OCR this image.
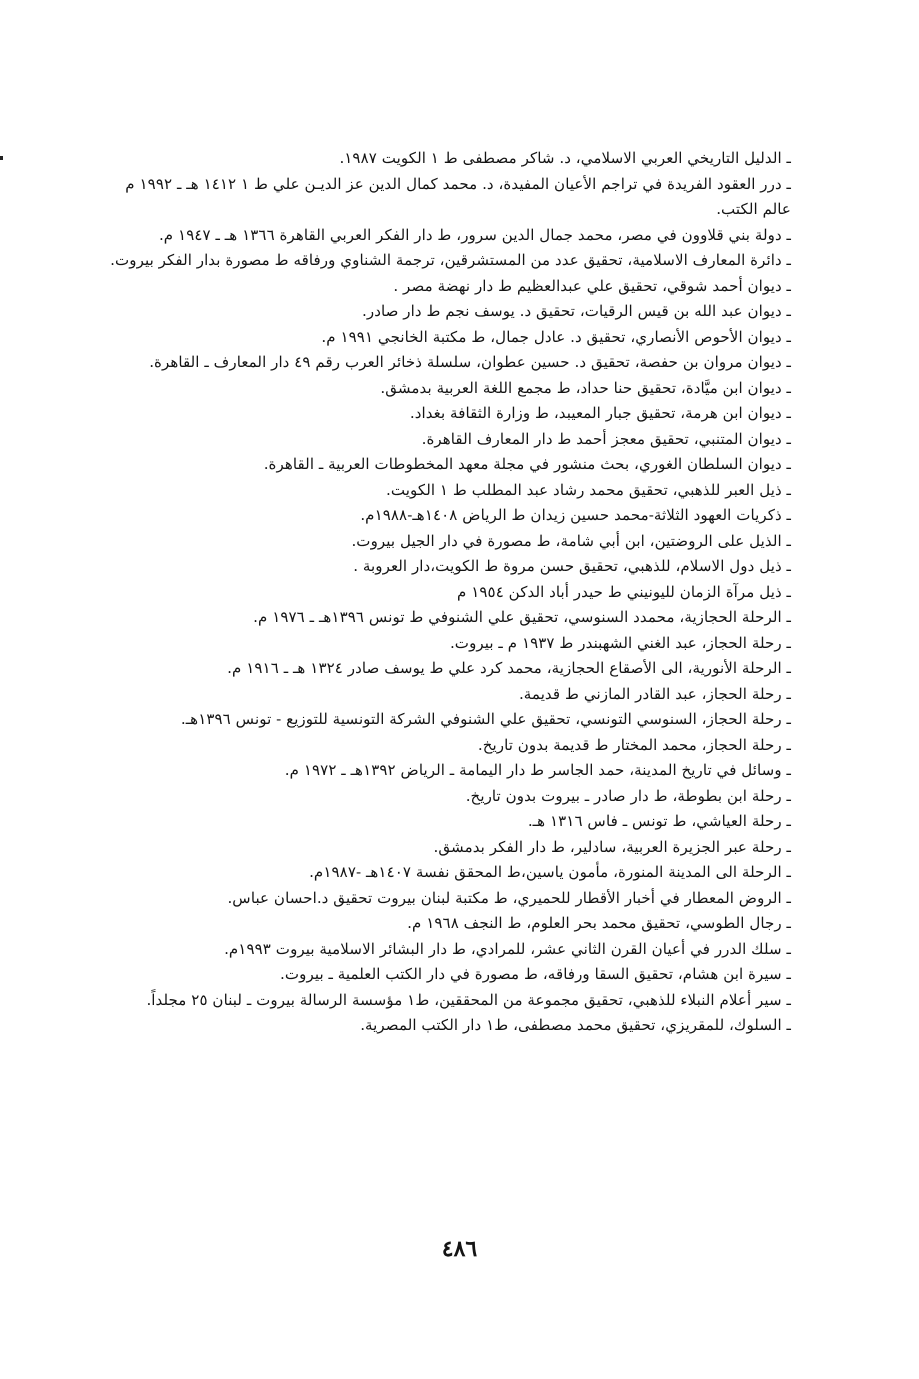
ـ الدليل التاريخي العربي الاسلامي، د. شاكر مصطفى ط ١ الكويت ١٩٨٧.
ـ درر العقود الفريدة في تراجم الأعيان المفيدة، د. محمد كمال الدين عز الديـن علي ط ١ ١٤١٢ هـ ـ ١٩٩٢ م عالم الكتب.
ـ دولة بني قلاوون في مصر، محمد جمال الدين سرور، ط دار الفكر العربي القاهرة ١٣٦٦ هـ ـ ١٩٤٧ م.
ـ دائرة المعارف الاسلامية، تحقيق عدد من المستشرقين، ترجمة الشناوي ورفاقه ط مصورة بدار الفكر بيروت.
ـ ديوان أحمد شوقي، تحقيق علي عبدالعظيم ط دار نهضة مصر .
ـ ديوان عبد الله بن قيس الرقيات، تحقيق د. يوسف نجم ط دار صادر.
ـ ديوان الأحوص الأنصاري، تحقيق د. عادل جمال، ط مكتبة الخانجي ١٩٩١ م.
ـ ديوان مروان بن حفصة، تحقيق د. حسين عطوان، سلسلة ذخائر العرب رقم ٤٩ دار المعارف ـ القاهرة.
ـ ديوان ابن ميَّادة، تحقيق حنا حداد، ط مجمع اللغة العربية بدمشق.
ـ ديوان ابن هرمة، تحقيق جبار المعيبد، ط وزارة الثقافة بغداد.
ـ ديوان المتنبي، تحقيق معجز أحمد ط دار المعارف القاهرة.
ـ ديوان السلطان الغوري، بحث منشور في مجلة معهد المخطوطات العربية ـ القاهرة.
ـ ذيل العبر للذهبي، تحقيق محمد رشاد عبد المطلب ط ١ الكويت.
ـ ذكريات العهود الثلاثة-محمد حسين زيدان ط الرياض ١٤٠٨هـ-١٩٨٨م.
ـ الذيل على الروضتين، ابن أبي شامة، ط مصورة في دار الجيل بيروت.
ـ ذيل دول الاسلام، للذهبي، تحقيق حسن مروة ط الكويت،دار العروبة .
ـ ذيل مرآة الزمان لليونيني ط حيدر أباد الدكن ١٩٥٤ م
ـ الرحلة الحجازية، محمدد السنوسي، تحقيق علي الشنوفي ط تونس ١٣٩٦هـ ـ ١٩٧٦ م.
ـ رحلة الحجاز، عبد الغني الشهبندر ط ١٩٣٧ م ـ بيروت.
ـ الرحلة الأنورية، الى الأصقاع الحجازية، محمد كرد علي ط يوسف صادر ١٣٢٤ هـ ـ ١٩١٦ م.
ـ رحلة الحجاز، عبد القادر المازني ط قديمة.
ـ رحلة الحجاز، السنوسي التونسي، تحقيق علي الشنوفي الشركة التونسية للتوزيع - تونس ١٣٩٦هـ.
ـ رحلة الحجاز، محمد المختار ط قديمة بدون تاريخ.
ـ وسائل في تاريخ المدينة، حمد الجاسر ط دار اليمامة ـ الرياض ١٣٩٢هـ ـ ١٩٧٢ م.
ـ رحلة ابن بطوطة، ط دار صادر ـ بيروت بدون تاريخ.
ـ رحلة العياشي، ط تونس ـ فاس ١٣١٦ هـ.
ـ رحلة عبر الجزيرة العربية، سادلير، ط دار الفكر بدمشق.
ـ الرحلة الى المدينة المنورة، مأمون ياسين،ط المحقق نفسة ١٤٠٧هـ -١٩٨٧م.
ـ الروض المعطار في أخبار الأقطار للحميري، ط مكتبة لبنان بيروت تحقيق د.احسان عباس.
ـ رجال الطوسي، تحقيق محمد بحر العلوم، ط النجف ١٩٦٨ م.
ـ سلك الدرر في أعيان القرن الثاني عشر، للمرادي، ط دار البشائر الاسلامية بيروت ١٩٩٣م.
ـ سيرة ابن هشام، تحقيق السقا ورفاقه، ط مصورة في دار الكتب العلمية ـ بيروت.
ـ سير أعلام النبلاء للذهبي، تحقيق مجموعة من المحققين، ط١ مؤسسة الرسالة بيروت ـ لبنان ٢٥ مجلداً.
ـ السلوك، للمقريزي، تحقيق محمد مصطفى، ط١ دار الكتب المصرية.
٤٨٦
